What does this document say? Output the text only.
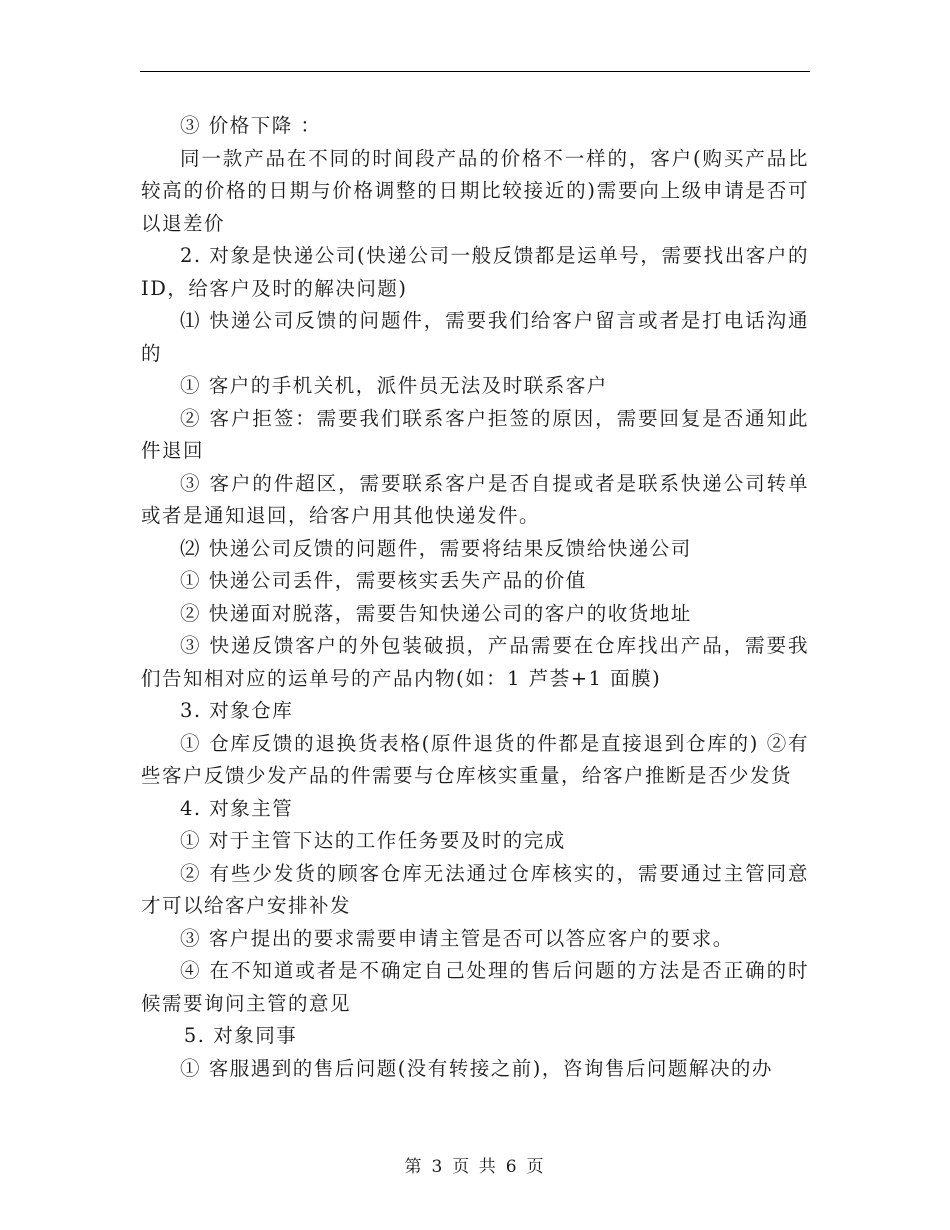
③ 价格下降 ：

同一款产品在不同的时间段产品的价格不一样的，客户(购买产品比较高的价格的日期与价格调整的日期比较接近的)需要向上级申请是否可以退差价

2. 对象是快递公司(快递公司一般反馈都是运单号，需要找出客户的 ID，给客户及时的解决问题)

⑴ 快递公司反馈的问题件，需要我们给客户留言或者是打电话沟通的

① 客户的手机关机，派件员无法及时联系客户

② 客户拒签：需要我们联系客户拒签的原因，需要回复是否通知此件退回

③ 客户的件超区，需要联系客户是否自提或者是联系快递公司转单或者是通知退回，给客户用其他快递发件。

⑵ 快递公司反馈的问题件，需要将结果反馈给快递公司

① 快递公司丢件，需要核实丢失产品的价值

② 快递面对脱落，需要告知快递公司的客户的收货地址

③ 快递反馈客户的外包装破损，产品需要在仓库找出产品，需要我们告知相对应的运单号的产品内物(如：1 芦荟+1 面膜)

3. 对象仓库

① 仓库反馈的退换货表格(原件退货的件都是直接退到仓库的) ②有些客户反馈少发产品的件需要与仓库核实重量，给客户推断是否少发货

4. 对象主管

① 对于主管下达的工作任务要及时的完成

② 有些少发货的顾客仓库无法通过仓库核实的，需要通过主管同意才可以给客户安排补发

③ 客户提出的要求需要申请主管是否可以答应客户的要求。

④ 在不知道或者是不确定自己处理的售后问题的方法是否正确的时候需要询问主管的意见

5. 对象同事

① 客服遇到的售后问题(没有转接之前)，咨询售后问题解决的办

第 3 页 共 6 页
